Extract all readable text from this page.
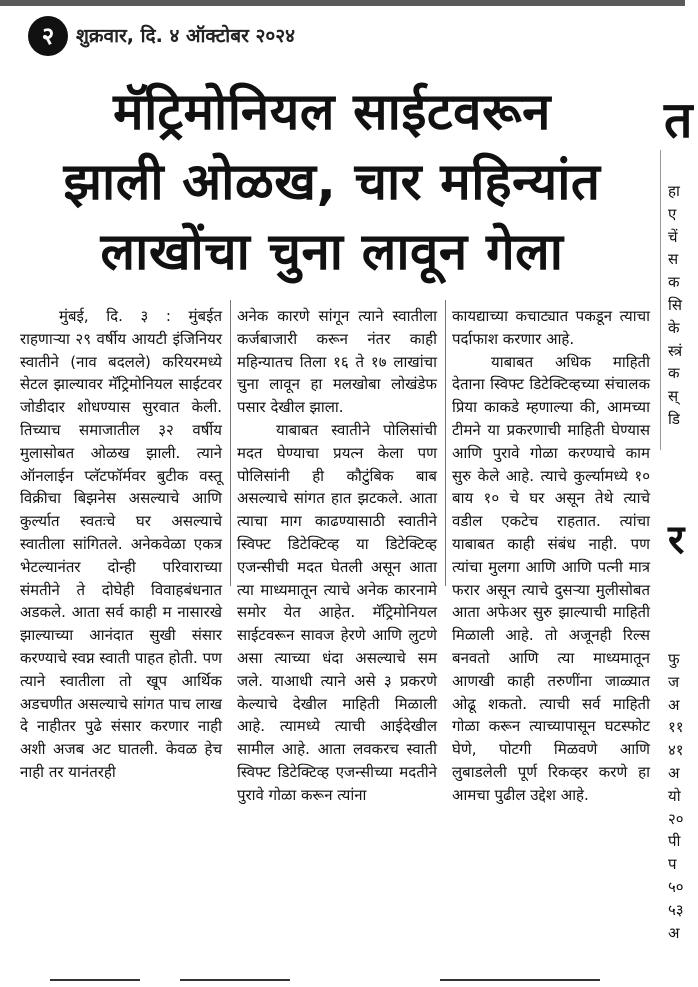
२	शुक्रवार, दि. ४ ऑक्टोबर २०२४
मॅट्रिमोनियल साईटवरून
झाली ओळख, चार महिन्यांत
लाखोंचा चुना लावून गेला

मुंबई, दि. ३ : मुंबईत राहणाऱ्या २९ वर्षीय आयटी इंजिनियर स्वातीने (नाव बदलले) करियरमध्ये सेटल झाल्यावर मॅट्रिमोनियल साईटवर जोडीदार शोधण्यास सुरवात केली. तिच्याच समाजातील ३२ वर्षीय मुलासोबत ओळख झाली. त्याने ऑनलाईन प्लॅटफॉर्मवर बुटीक वस्तू विक्रीचा बिझनेस असल्याचे आणि कुर्ल्यात स्वतःचे घर असल्याचे स्वातीला सांगितले. अनेकवेळा एकत्र भेटल्यानंतर दोन्ही परिवाराच्या संमतीने ते दोघेही विवाहबंधनात अडकले. आता सर्व काही म नासारखे झाल्याच्या आनंदात सुखी संसार करण्याचे स्वप्न स्वाती पाहत होती. पण त्याने स्वातीला तो खूप आर्थिक अडचणीत असल्याचे सांगत पाच लाख दे नाहीतर पुढे संसार करणार नाही अशी अजब अट घातली. केवळ हेच नाही तर यानंतरही

अनेक कारणे सांगून त्याने स्वातीला कर्जबाजारी करून नंतर काही महिन्यातच तिला १६ ते १७ लाखांचा चुना लावून हा मलखोबा लोखंडेफ पसार देखील झाला.

याबाबत स्वातीने पोलिसांची मदत घेण्याचा प्रयत्न केला पण पोलिसांनी ही कौटुंबिक बाब असल्याचे सांगत हात झटकले. आता त्याचा माग काढण्यासाठी स्वातीने स्विफ्ट डिटेक्टिव्ह या डिटेक्टिव्ह एजन्सीची मदत घेतली असून आता त्या माध्यमातून त्याचे अनेक कारनामे समोर येत आहेत. मॅट्रिमोनियल साईटवरून सावज हेरणे आणि लुटणे असा त्याच्या धंदा असल्याचे सम जले. याआधी त्याने असे ३ प्रकरणे केल्याचे देखील माहिती मिळाली आहे. त्यामध्ये त्याची आईदेखील सामील आहे. आता लवकरच स्वाती स्विफ्ट डिटेक्टिव्ह एजन्सीच्या मदतीने पुरावे गोळा करून त्यांना

कायद्याच्या कचाट्यात पकडून त्याचा पर्दाफाश करणार आहे.

याबाबत अधिक माहिती देताना स्विफ्ट डिटेक्टिव्हच्या संचालक प्रिया काकडे म्हणाल्या की, आमच्या टीमने या प्रकरणाची माहिती घेण्यास आणि पुरावे गोळा करण्याचे काम सुरु केले आहे. त्याचे कुर्ल्यामध्ये १० बाय १० चे घर असून तेथे त्याचे वडील एकटेच राहतात. त्यांचा याबाबत काही संबंध नाही. पण त्यांचा मुलगा आणि आणि पत्नी मात्र फरार असून त्याचे दुसऱ्या मुलीसोबत आता अफेअर सुरु झाल्याची माहिती मिळाली आहे. तो अजूनही रिल्स बनवतो आणि त्या माध्यमातून आणखी काही तरुणींना जाळ्यात ओढू शकतो. त्याची सर्व माहिती गोळा करून त्याच्यापासून घटस्फोट घेणे, पोटगी मिळवणे आणि लुबाडलेली पूर्ण रिकव्हर करणे हा आमचा पुढील उद्देश आहे.

त
र
हा
ए
चें
स
क
सि
के
स्त्रं
क
स्
डि
फु
ज
अ
११
४१
अ
यो
२०
पी
प
५०
५३
अ
